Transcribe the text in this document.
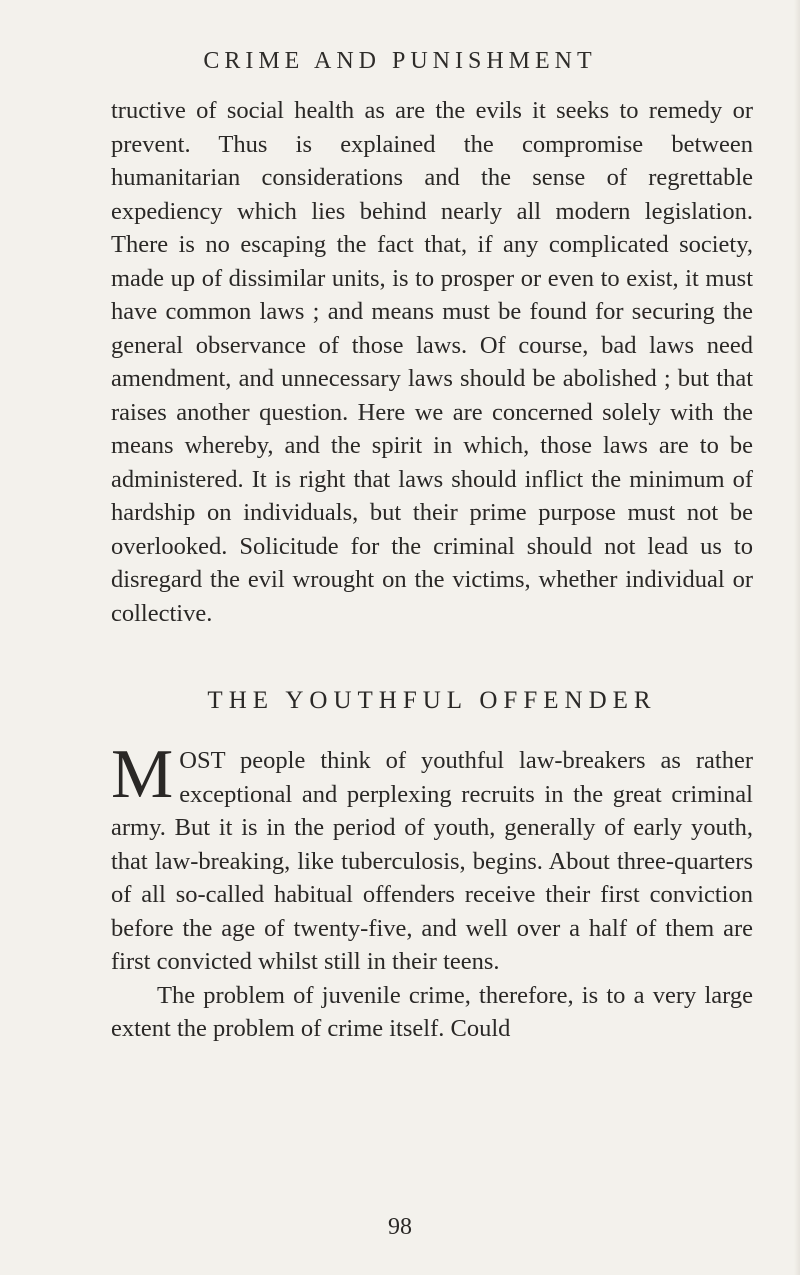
CRIME AND PUNISHMENT

tructive of social health as are the evils it seeks to remedy or prevent. Thus is explained the compromise between humanitarian considerations and the sense of regrettable expediency which lies behind nearly all modern legislation. There is no escaping the fact that, if any complicated society, made up of dissimilar units, is to prosper or even to exist, it must have common laws ; and means must be found for securing the general observance of those laws. Of course, bad laws need amendment, and unnecessary laws should be abolished ; but that raises another question. Here we are concerned solely with the means whereby, and the spirit in which, those laws are to be administered. It is right that laws should inflict the minimum of hardship on individuals, but their prime purpose must not be overlooked. Solicitude for the criminal should not lead us to disregard the evil wrought on the victims, whether individual or collective.

THE YOUTHFUL OFFENDER

MOST people think of youthful law-breakers as rather exceptional and perplexing recruits in the great criminal army. But it is in the period of youth, generally of early youth, that law-breaking, like tuberculosis, begins. About three-quarters of all so-called habitual offenders receive their first conviction before the age of twenty-five, and well over a half of them are first convicted whilst still in their teens.

The problem of juvenile crime, therefore, is to a very large extent the problem of crime itself. Could

98
